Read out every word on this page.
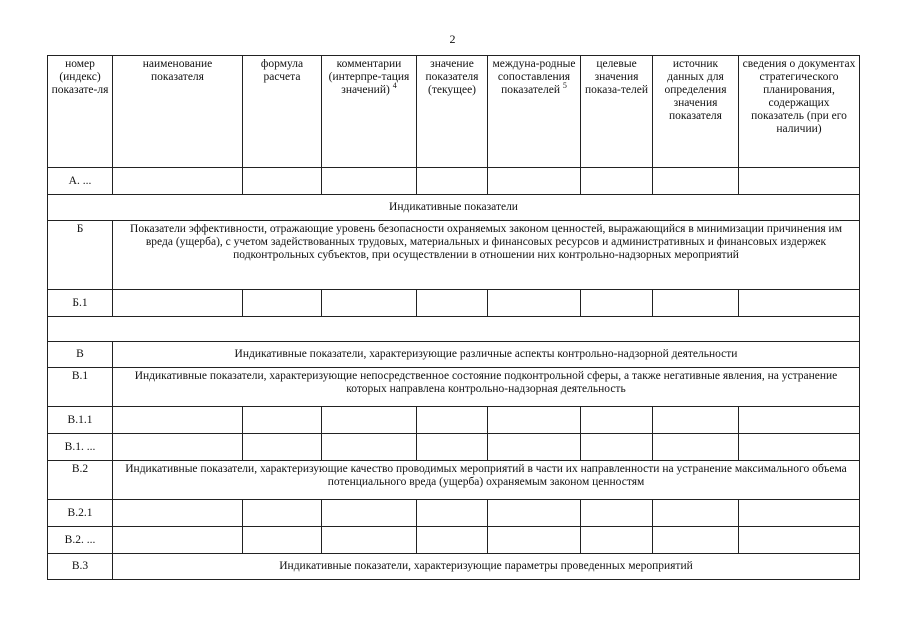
2
номер (индекс) показате-ля	наименование показателя	формула расчета	комментарии (интерпре-тация значений) $^4$	значение показателя (текущее)	междуна-родные сопоставления показателей $^5$	целевые значения показа-телей	источник данных для определения значения показателя	сведения о документах стратегического планирования, содержащих показатель (при его наличии)
А. ...								
Индикативные показатели								
Б	Показатели эффективности, отражающие уровень безопасности охраняемых законом ценностей, выражающийся в минимизации причинения им вреда (ущерба), с учетом задействованных трудовых, материальных и финансовых ресурсов и административных и финансовых издержек подконтрольных субъектов, при осуществлении в отношении них контрольно-надзорных мероприятий							
Б.1								

В	Индикативные показатели, характеризующие различные аспекты контрольно-надзорной деятельности							
В.1	Индикативные показатели, характеризующие непосредственное состояние подконтрольной сферы, а также негативные явления, на устранение которых направлена контрольно-надзорная деятельность							
В.1.1								
В.1. ...								
В.2	Индикативные показатели, характеризующие качество проводимых мероприятий в части их направленности на устранение максимального объема потенциального вреда (ущерба) охраняемым законом ценностям							
В.2.1								
В.2. ...								
В.3	Индикативные показатели, характеризующие параметры проведенных мероприятий							
